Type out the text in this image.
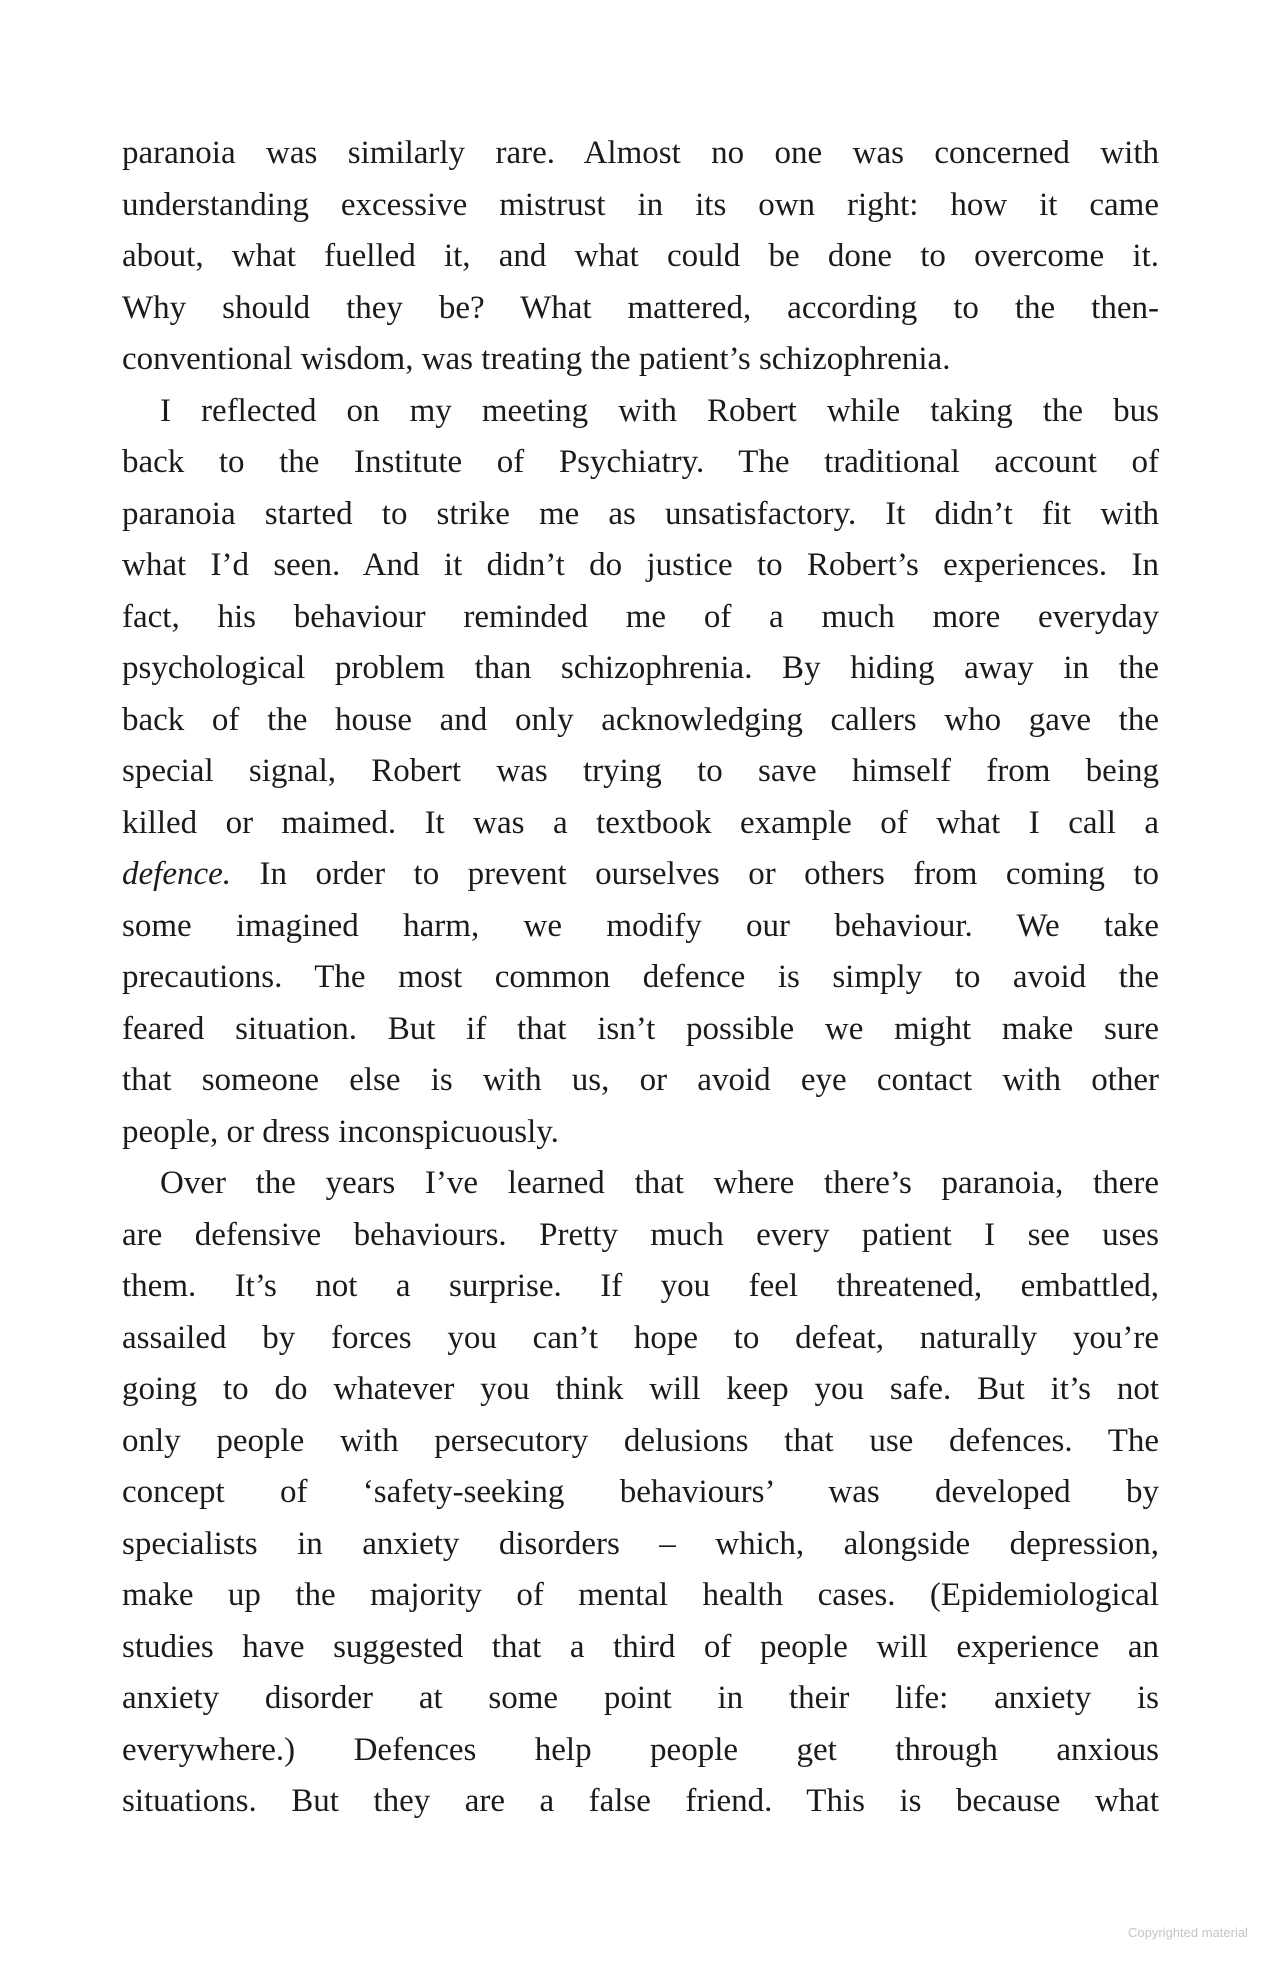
paranoia was similarly rare. Almost no one was concerned with
understanding excessive mistrust in its own right: how it came
about, what fuelled it, and what could be done to overcome it.
Why should they be? What mattered, according to the then-
conventional wisdom, was treating the patient’s schizophrenia.

I reflected on my meeting with Robert while taking the bus
back to the Institute of Psychiatry. The traditional account of
paranoia started to strike me as unsatisfactory. It didn’t fit with
what I’d seen. And it didn’t do justice to Robert’s experiences. In
fact, his behaviour reminded me of a much more everyday
psychological problem than schizophrenia. By hiding away in the
back of the house and only acknowledging callers who gave the
special signal, Robert was trying to save himself from being
killed or maimed. It was a textbook example of what I call a
defence. In order to prevent ourselves or others from coming to
some imagined harm, we modify our behaviour. We take
precautions. The most common defence is simply to avoid the
feared situation. But if that isn’t possible we might make sure
that someone else is with us, or avoid eye contact with other
people, or dress inconspicuously.

Over the years I’ve learned that where there’s paranoia, there
are defensive behaviours. Pretty much every patient I see uses
them. It’s not a surprise. If you feel threatened, embattled,
assailed by forces you can’t hope to defeat, naturally you’re
going to do whatever you think will keep you safe. But it’s not
only people with persecutory delusions that use defences. The
concept of ‘safety-seeking behaviours’ was developed by
specialists in anxiety disorders – which, alongside depression,
make up the majority of mental health cases. (Epidemiological
studies have suggested that a third of people will experience an
anxiety disorder at some point in their life: anxiety is
everywhere.) Defences help people get through anxious
situations. But they are a false friend. This is because what

Copyrighted material
